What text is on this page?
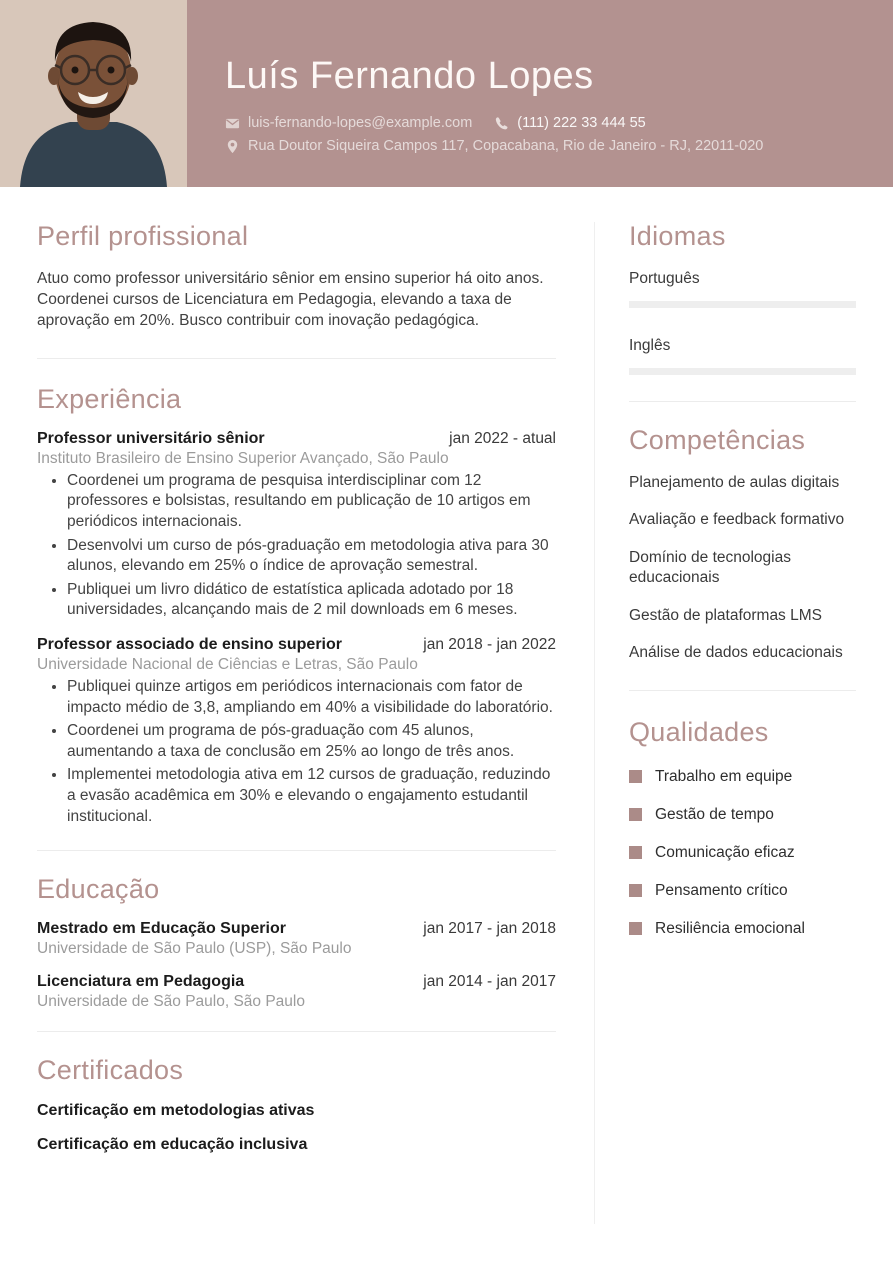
Luís Fernando Lopes
luis-fernando-lopes@example.com	(111) 222 33 444 55
Rua Doutor Siqueira Campos 117, Copacabana, Rio de Janeiro - RJ, 22011-020
Perfil profissional

Atuo como professor universitário sênior em ensino superior há oito anos. Coordenei cursos de Licenciatura em Pedagogia, elevando a taxa de aprovação em 20%. Busco contribuir com inovação pedagógica.

Experiência
Professor universitário sênior	jan 2022 - atual
Instituto Brasileiro de Ensino Superior Avançado, São Paulo
• Coordenei um programa de pesquisa interdisciplinar com 12 professores e bolsistas, resultando em publicação de 10 artigos em periódicos internacionais.
• Desenvolvi um curso de pós-graduação em metodologia ativa para 30 alunos, elevando em 25% o índice de aprovação semestral.
• Publiquei um livro didático de estatística aplicada adotado por 18 universidades, alcançando mais de 2 mil downloads em 6 meses.
Professor associado de ensino superior	jan 2018 - jan 2022
Universidade Nacional de Ciências e Letras, São Paulo
• Publiquei quinze artigos em periódicos internacionais com fator de impacto médio de 3,8, ampliando em 40% a visibilidade do laboratório.
• Coordenei um programa de pós-graduação com 45 alunos, aumentando a taxa de conclusão em 25% ao longo de três anos.
• Implementei metodologia ativa em 12 cursos de graduação, reduzindo a evasão acadêmica em 30% e elevando o engajamento estudantil institucional.
Educação
Mestrado em Educação Superior	jan 2017 - jan 2018
Universidade de São Paulo (USP), São Paulo
Licenciatura em Pedagogia	jan 2014 - jan 2017
Universidade de São Paulo, São Paulo
Certificados
Certificação em metodologias ativas
Certificação em educação inclusiva
Idiomas
Português
Inglês
Competências
Planejamento de aulas digitais
Avaliação e feedback formativo
Domínio de tecnologias educacionais
Gestão de plataformas LMS
Análise de dados educacionais
Qualidades
Trabalho em equipe
Gestão de tempo
Comunicação eficaz
Pensamento crítico
Resiliência emocional
